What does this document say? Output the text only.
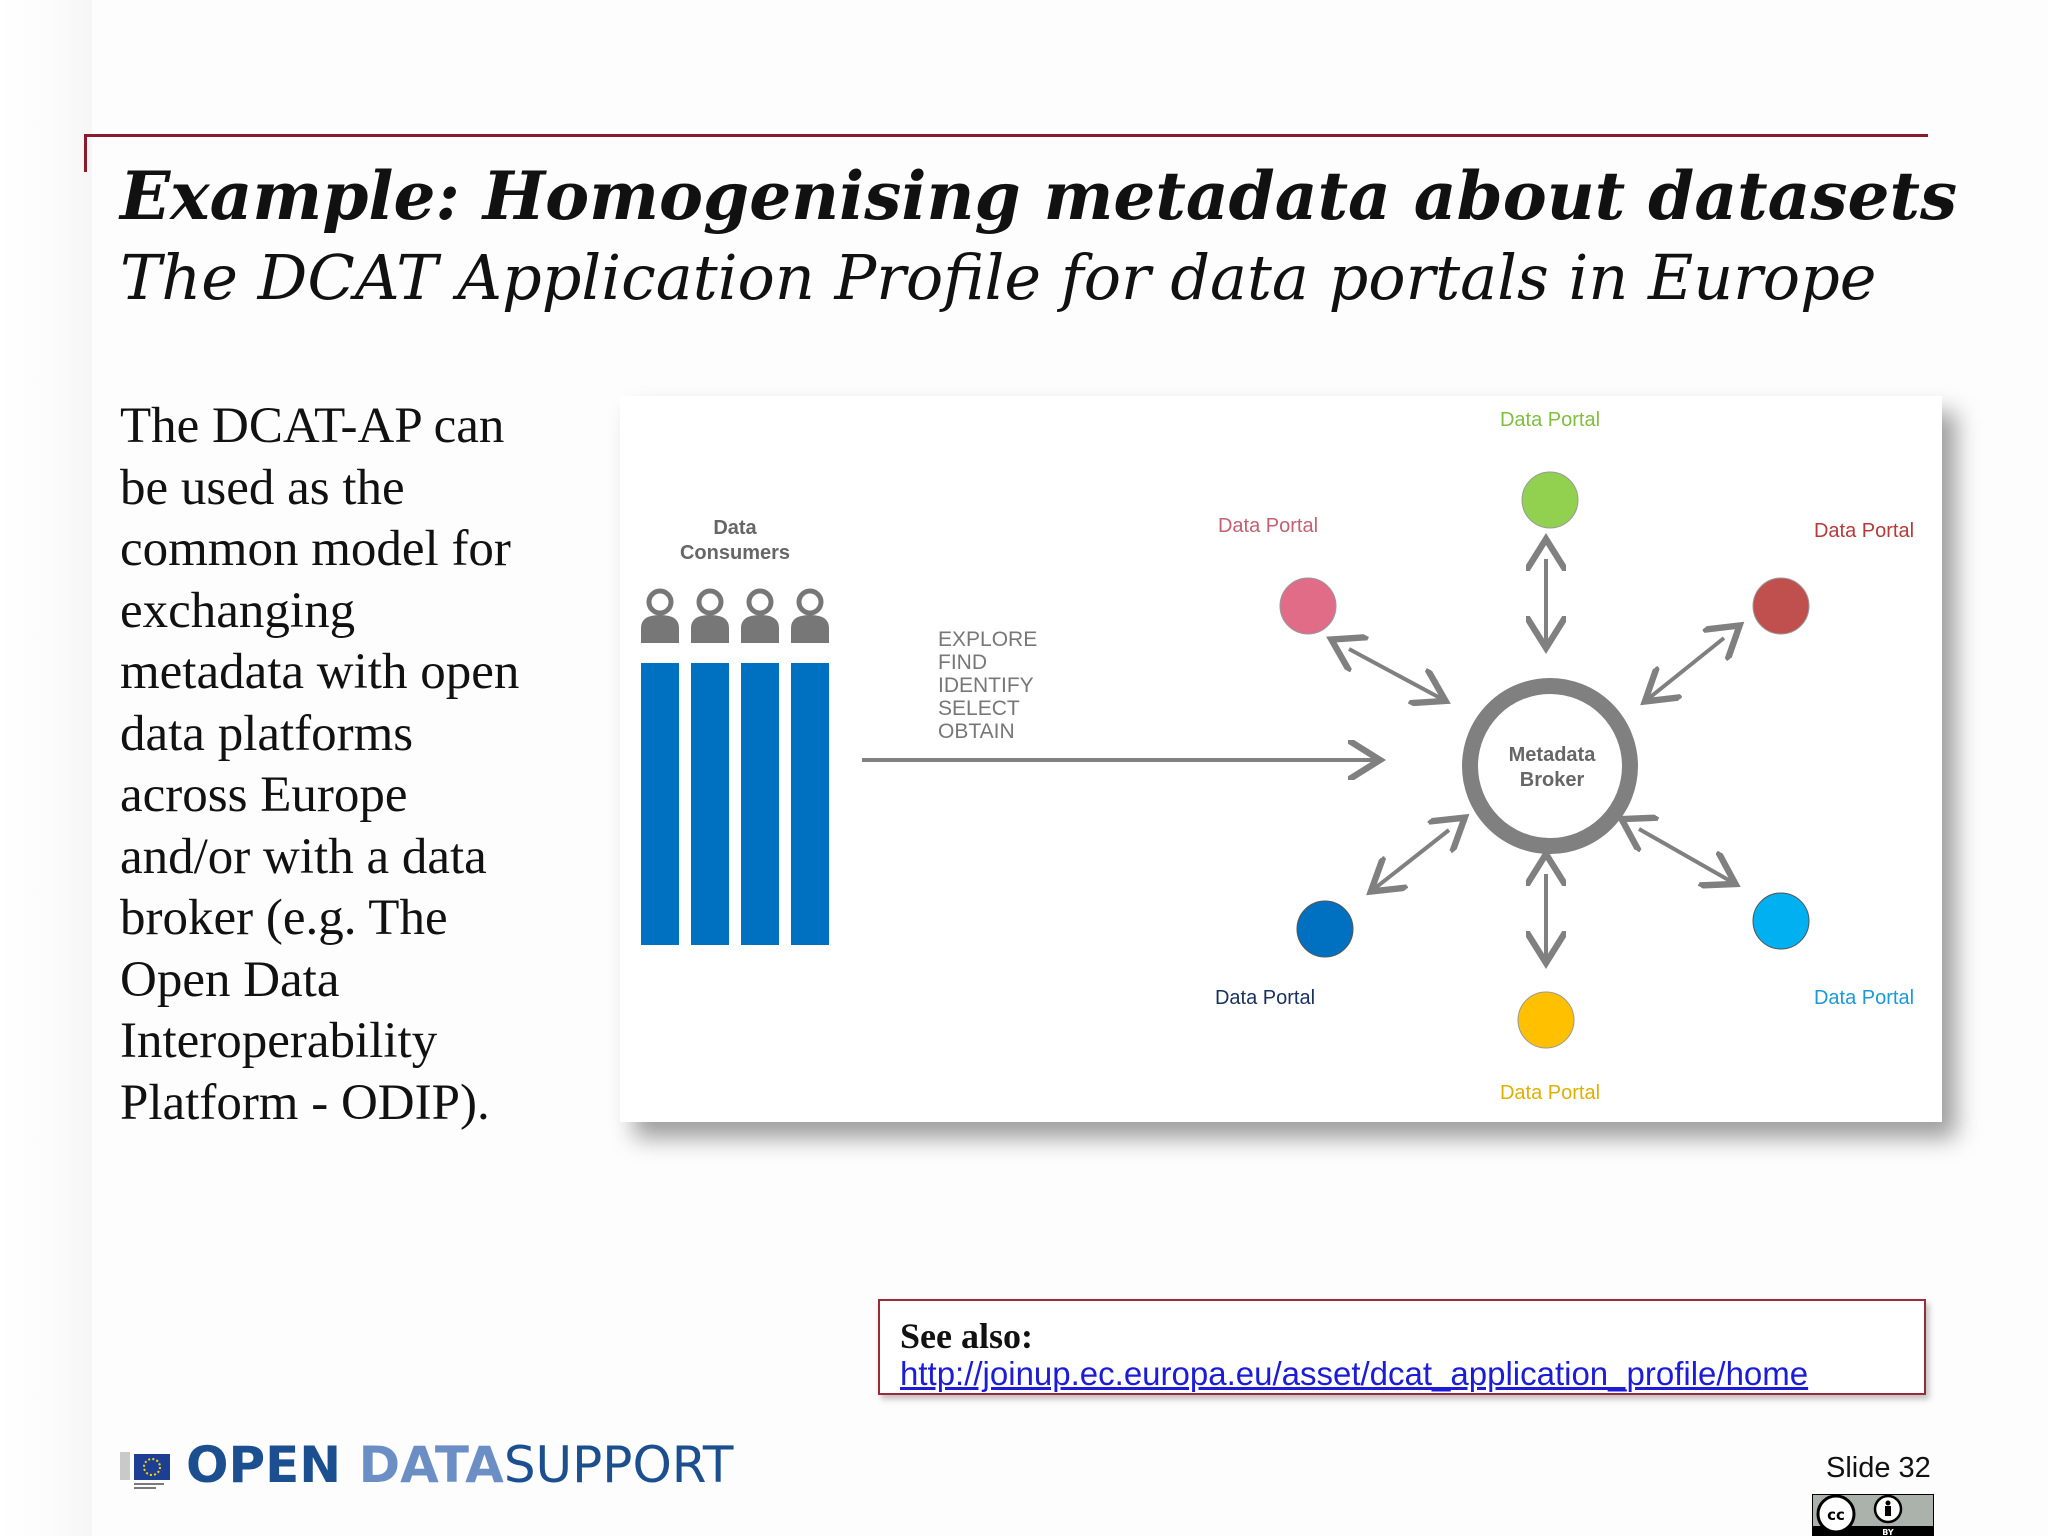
Example: Homogenising metadata about datasets
The DCAT Application Profile for data portals in Europe
The DCAT-AP can
be used as the
common model for
exchanging
metadata with open
data platforms
across Europe
and/or with a data
broker (e.g. The
Open Data
Interoperability
Platform - ODIP).
Data
Consumers
EXPLORE
FIND
IDENTIFY
SELECT
OBTAIN
Metadata
Broker
Data Portal
Data Portal	Data Portal
Data Portal	Data Portal
Data Portal
See also:
http://joinup.ec.europa.eu/asset/dcat_application_profile/home
OPEN DATASUPPORT	Slide 32
cc
BY
